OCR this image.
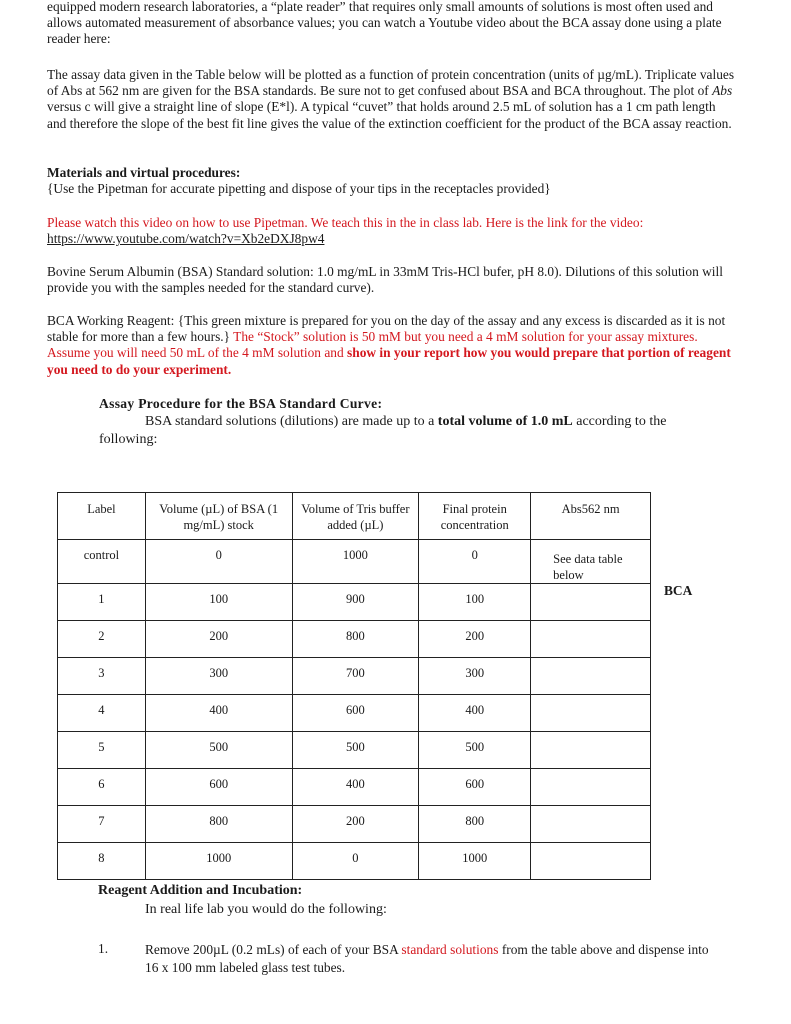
equipped modern research laboratories, a “plate reader” that requires only small amounts of solutions is most often used and allows automated measurement of absorbance values; you can watch a Youtube video about the BCA assay done using a plate reader here:

The assay data given in the Table below will be plotted as a function of protein concentration (units of µg/mL). Triplicate values of Abs at 562 nm are given for the BSA standards. Be sure not to get confused about BSA and BCA throughout. The plot of Abs versus c will give a straight line of slope (E*l). A typical “cuvet” that holds around 2.5 mL of solution has a 1 cm path length and therefore the slope of the best fit line gives the value of the extinction coefficient for the product of the BCA assay reaction.

Materials and virtual procedures:
{Use the Pipetman for accurate pipetting and dispose of your tips in the receptacles provided}

Please watch this video on how to use Pipetman. We teach this in the in class lab. Here is the link for the video:
https://www.youtube.com/watch?v=Xb2eDXJ8pw4

Bovine Serum Albumin (BSA) Standard solution: 1.0 mg/mL in 33mM Tris-HCl bufer, pH 8.0). Dilutions of this solution will provide you with the samples needed for the standard curve).

BCA Working Reagent: {This green mixture is prepared for you on the day of the assay and any excess is discarded as it is not stable for more than a few hours.} The “Stock” solution is 50 mM but you need a 4 mM solution for your assay mixtures. Assume you will need 50 mL of the 4 mM solution and show in your report how you would prepare that portion of reagent you need to do your experiment.

Assay Procedure for the BSA Standard Curve:

BSA standard solutions (dilutions) are made up to a total volume of 1.0 mL according to the following:

Label	Volume (µL) of BSA (1 mg/mL) stock	Volume of Tris buffer added (µL)	Final protein concentration	Abs562 nm
control	0	1000	0	See data table below
1	100	900	100	
2	200	800	200	
3	300	700	300	
4	400	600	400	
5	500	500	500	
6	600	400	600	
7	800	200	800	
8	1000	0	1000	
BCA
Reagent Addition and Incubation:
In real life lab you would do the following:
1.	Remove 200µL (0.2 mLs) of each of your BSA standard solutions from the table above and dispense into 16 x 100 mm labeled glass test tubes.
